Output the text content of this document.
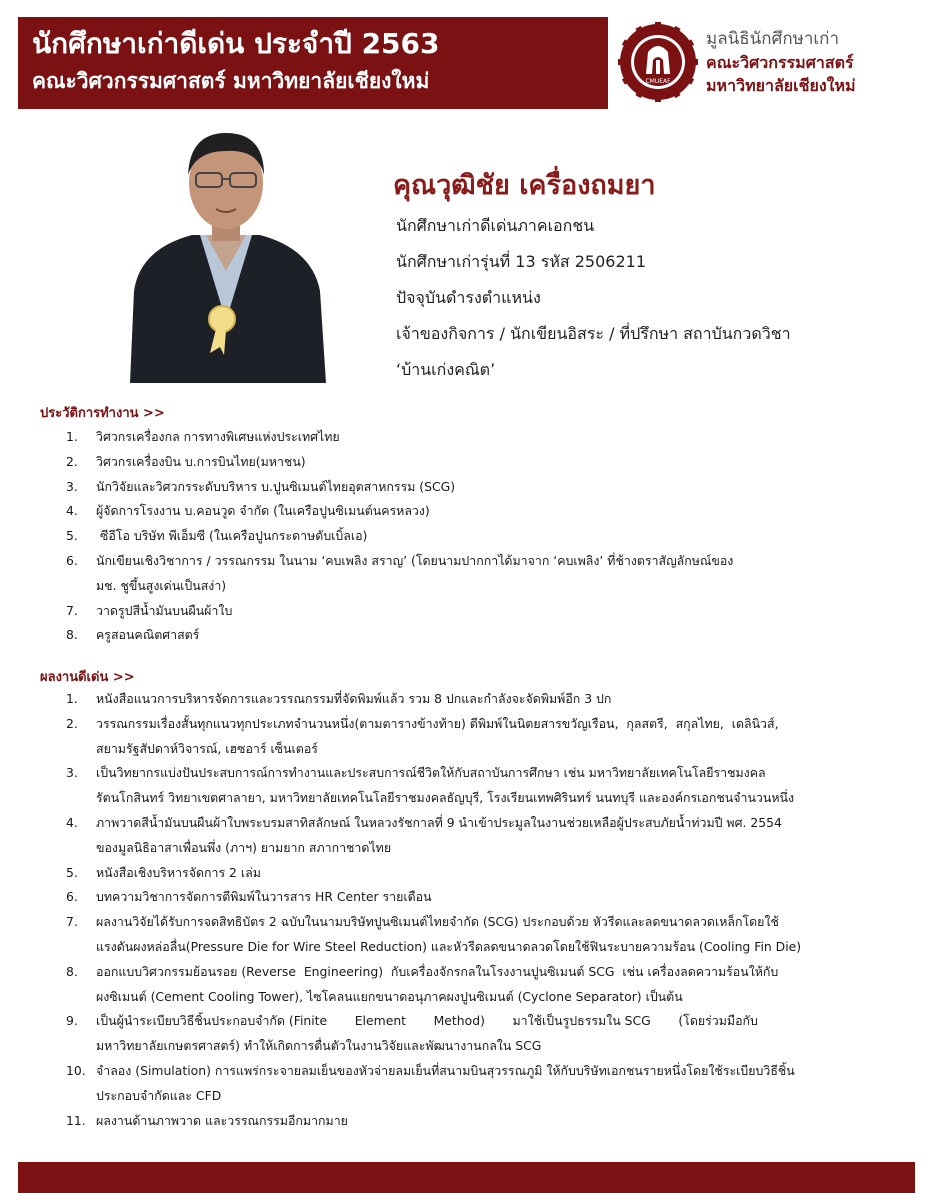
นักศึกษาเก่าดีเด่น ประจำปี 2563
คณะวิศวกรรมศาสตร์ มหาวิทยาลัยเชียงใหม่	CMUEAF
มูลนิธินักศึกษาเก่า
คณะวิศวกรรมศาสตร์
มหาวิทยาลัยเชียงใหม่
คุณวุฒิชัย เครื่องถมยา
นักศึกษาเก่าดีเด่นภาคเอกชน
นักศึกษาเก่ารุ่นที่ 13 รหัส 2506211
ปัจจุบันดำรงตำแหน่ง
เจ้าของกิจการ / นักเขียนอิสระ / ที่ปรึกษา สถาบันกวดวิชา
‘บ้านเก่งคณิต’
ประวัติการทำงาน >>
1.	วิศวกรเครื่องกล การทางพิเศษแห่งประเทศไทย
2.	วิศวกรเครื่องบิน บ.การบินไทย(มหาชน)
3.	นักวิจัยและวิศวกรระดับบริหาร บ.ปูนซิเมนต์ไทยอุตสาหกรรม (SCG)
4.	ผู้จัดการโรงงาน บ.คอนวูด จำกัด (ในเครือปูนซิเมนต์นครหลวง)
5.	ซีอีโอ บริษัท พีเอ็มซี (ในเครือปูนกระดาษดับเบิ้ลเอ)
6.	นักเขียนเชิงวิชาการ / วรรณกรรม ในนาม ‘คบเพลิง สราญ’ (โดยนามปากกาได้มาจาก ‘คบเพลิง’ ที่ช้างตราสัญลักษณ์ของ
มช. ชูขึ้นสูงเด่นเป็นสง่า)
7.	วาดรูปสีน้ำมันบนผืนผ้าใบ
8.	ครูสอนคณิตศาสตร์
ผลงานดีเด่น >>
1.	หนังสือแนวการบริหารจัดการและวรรณกรรมที่จัดพิมพ์แล้ว รวม 8 ปกและกำลังจะจัดพิมพ์อีก 3 ปก
2.	วรรณกรรมเรื่องสั้นทุกแนวทุกประเภทจำนวนหนึ่ง(ตามตารางข้างท้าย) ตีพิมพ์ในนิตยสารขวัญเรือน,  กุลสตรี,  สกุลไทย,  เดลินิวส์,
สยามรัฐสัปดาห์วิจารณ์, เฮซอาร์ เซ็นเตอร์
3.	เป็นวิทยากรแบ่งปันประสบการณ์การทำงานและประสบการณ์ชีวิตให้กับสถาบันการศึกษา เช่น มหาวิทยาลัยเทคโนโลยีราชมงคล
รัตนโกสินทร์ วิทยาเขตศาลายา, มหาวิทยาลัยเทคโนโลยีราชมงคลธัญบุรี, โรงเรียนเทพศิรินทร์ นนทบุรี และองค์กรเอกชนจำนวนหนึ่ง
4.	ภาพวาดสีน้ำมันบนผืนผ้าใบพระบรมสาทิสลักษณ์ ในหลวงรัชกาลที่ 9 นำเข้าประมูลในงานช่วยเหลือผู้ประสบภัยน้ำท่วมปี พศ. 2554
ของมูลนิธิอาสาเพื่อนพึ่ง (ภาฯ) ยามยาก สภากาชาดไทย
5.	หนังสือเชิงบริหารจัดการ 2 เล่ม
6.	บทความวิชาการจัดการตีพิมพ์ในวารสาร HR Center รายเดือน
7.	ผลงานวิจัยได้รับการจดสิทธิบัตร 2 ฉบับในนามบริษัทปูนซิเมนต์ไทยจำกัด (SCG) ประกอบด้วย หัวรีดและลดขนาดลวดเหล็กโดยใช้
แรงดันผงหล่อลื่น(Pressure Die for Wire Steel Reduction) และหัวรีดลดขนาดลวดโดยใช้ฟินระบายความร้อน (Cooling Fin Die)
8.	ออกแบบวิศวกรรมย้อนรอย (Reverse  Engineering)  กับเครื่องจักรกลในโรงงานปูนซิเมนต์ SCG  เช่น เครื่องลดความร้อนให้กับ
ผงซิเมนต์ (Cement Cooling Tower), ไซโคลนแยกขนาดอนุภาคผงปูนซิเมนต์ (Cyclone Separator) เป็นต้น
9.	เป็นผู้นำระเบียบวิธีชิ้นประกอบจำกัด (Finite       Element       Method)       มาใช้เป็นรูปธรรมใน SCG       (โดยร่วมมือกับ
มหาวิทยาลัยเกษตรศาสตร์) ทำให้เกิดการตื่นตัวในงานวิจัยและพัฒนางานกลใน SCG
10. จำลอง (Simulation) การแพร่กระจายลมเย็นของหัวจ่ายลมเย็นที่สนามบินสุวรรณภูมิ ให้กับบริษัทเอกชนรายหนึ่งโดยใช้ระเบียบวิธีชิ้น
ประกอบจำกัดและ CFD
11. ผลงานด้านภาพวาด และวรรณกรรมอีกมากมาย
